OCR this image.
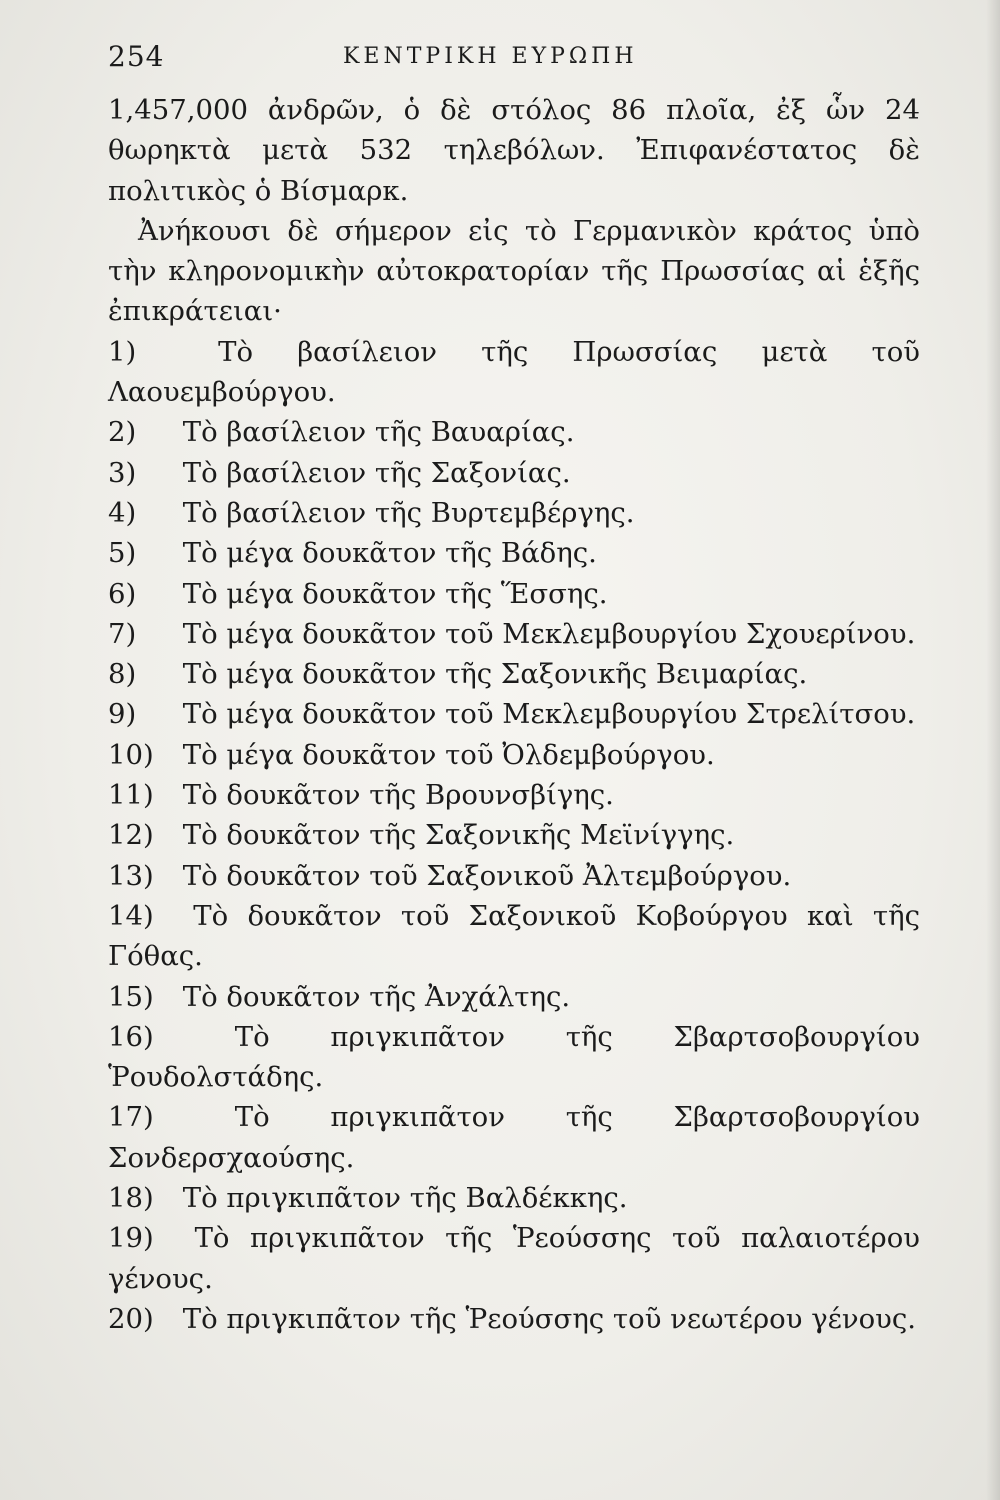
254	ΚΕΝΤΡΙΚΗ ΕΥΡΩΠΗ

1,457,000 ἀνδρῶν, ὁ δὲ στόλος 86 πλοῖα, ἐξ ὧν 24 θωρηκτὰ μετὰ 532 τηλεβόλων. Ἐπιφανέστατος δὲ πολιτικὸς ὁ Βίσμαρκ.

Ἀνήκουσι δὲ σήμερον εἰς τὸ Γερμανικὸν κράτος ὑπὸ τὴν κληρονομικὴν αὐτοκρατορίαν τῆς Πρωσσίας αἱ ἑξῆς ἐπικράτειαι·

1)	Τὸ βασίλειον τῆς Πρωσσίας μετὰ τοῦ Λαουεμβούργου.
2) Τὸ βασίλειον τῆς Βαυαρίας.
3) Τὸ βασίλειον τῆς Σαξονίας.
4) Τὸ βασίλειον τῆς Βυρτεμβέργης.
5) Τὸ μέγα δουκᾶτον τῆς Βάδης.
6) Τὸ μέγα δουκᾶτον τῆς Ἕσσης.
7) Τὸ μέγα δουκᾶτον τοῦ Μεκλεμβουργίου Σχουερίνου.
8) Τὸ μέγα δουκᾶτον τῆς Σαξονικῆς Βειμαρίας.
9) Τὸ μέγα δουκᾶτον τοῦ Μεκλεμβουργίου Στρελίτσου.
10) Τὸ μέγα δουκᾶτον τοῦ Ὀλδεμβούργου.
11) Τὸ δουκᾶτον τῆς Βρουνσβίγης.
12) Τὸ δουκᾶτον τῆς Σαξονικῆς Μεϊνίγγης.
13) Τὸ δουκᾶτον τοῦ Σαξονικοῦ Ἀλτεμβούργου.
14) Τὸ δουκᾶτον τοῦ Σαξονικοῦ Κοβούργου καὶ τῆς Γόθας.
15) Τὸ δουκᾶτον τῆς Ἀνχάλτης.
16)	Τὸ πριγκιπᾶτον τῆς Σβαρτσοβουργίου Ῥουδολστάδης.
17)	Τὸ πριγκιπᾶτον τῆς Σβαρτσοβουργίου Σονδερσχαούσης.
18) Τὸ πριγκιπᾶτον τῆς Βαλδέκκης.
19) Τὸ πριγκιπᾶτον τῆς Ῥεούσσης τοῦ παλαιοτέρου γένους.
20) Τὸ πριγκιπᾶτον τῆς Ῥεούσσης τοῦ νεωτέρου γένους.
